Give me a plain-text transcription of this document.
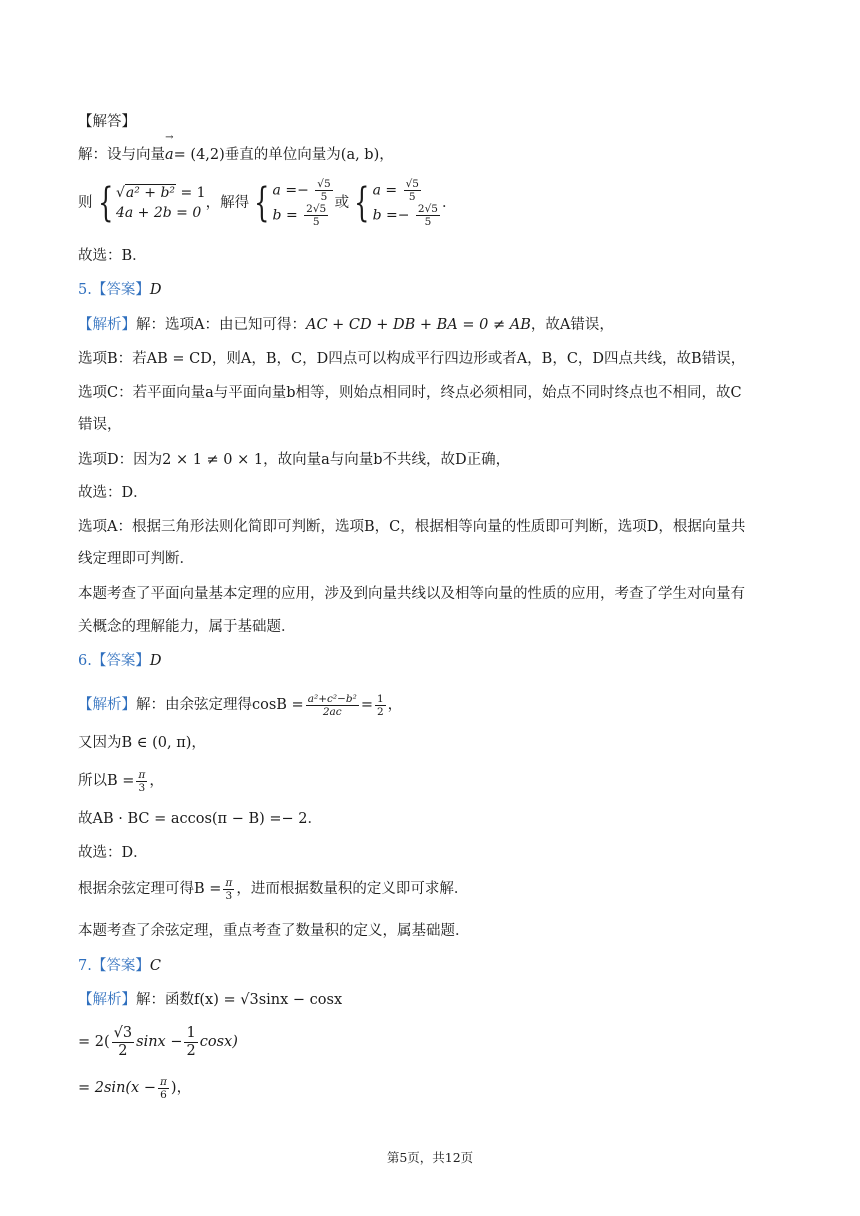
【解答】
解：设与向量
→ a = (4,2)垂直的单位向量为(a, b)，
则 { √a² + b² = 1
4a + 2b = 0
，解得 { $a =- \frac{√5}{5}$
$b = \frac{2√5}{5}$ 或 { $a = \frac{√5}{5}$
$b =- \frac{2√5}{5}$ ．
故选：B．
5. 【答案】 D
【解析】 解：选项A：由已知可得： AC + CD + DB + BA = 0 ≠ AB ，故A错误，
选项B：若AB = CD，则A，B，C，D四点可以构成平行四边形或者A，B，C，D四点共线，故B错误，
选项C：若平面向量a与平面向量b相等，则始点相同时，终点必须相同，始点不同时终点也不相同，故C
错误，
选项D：因为2 × 1 ≠ 0 × 1，故向量a与向量b不共线，故D正确，
故选：D．
选项A：根据三角形法则化简即可判断，选项B，C，根据相等向量的性质即可判断，选项D，根据向量共
线定理即可判断．
本题考查了平面向量基本定理的应用，涉及到向量共线以及相等向量的性质的应用，考查了学生对向量有
关概念的理解能力，属于基础题．
6. 【答案】 D
【解析】 解：由余弦定理得$\cos B = \frac{\text{a²+c²−b²}}{2ac} = \frac{1}{2}$ ，
又因为B ∈ (0, π)，
所以$B = \frac{\pi}{3}$ ，
故AB · BC = accos(π − B) =− 2．
故选：D．
根据余弦定理可得$B = \frac{\pi}{3}$ ，进而根据数量积的定义即可求解．
本题考查了余弦定理，重点考查了数量积的定义，属基础题．
7. 【答案】 C
【解析】 解：函数f(x) = √3sinx − cosx
= $2( \frac{√3}{2}$ $\sin x - \frac{1}{2} \cos x$)
= $2\sin(x - \frac{\pi}{6}$ )，
第5页，共12页
